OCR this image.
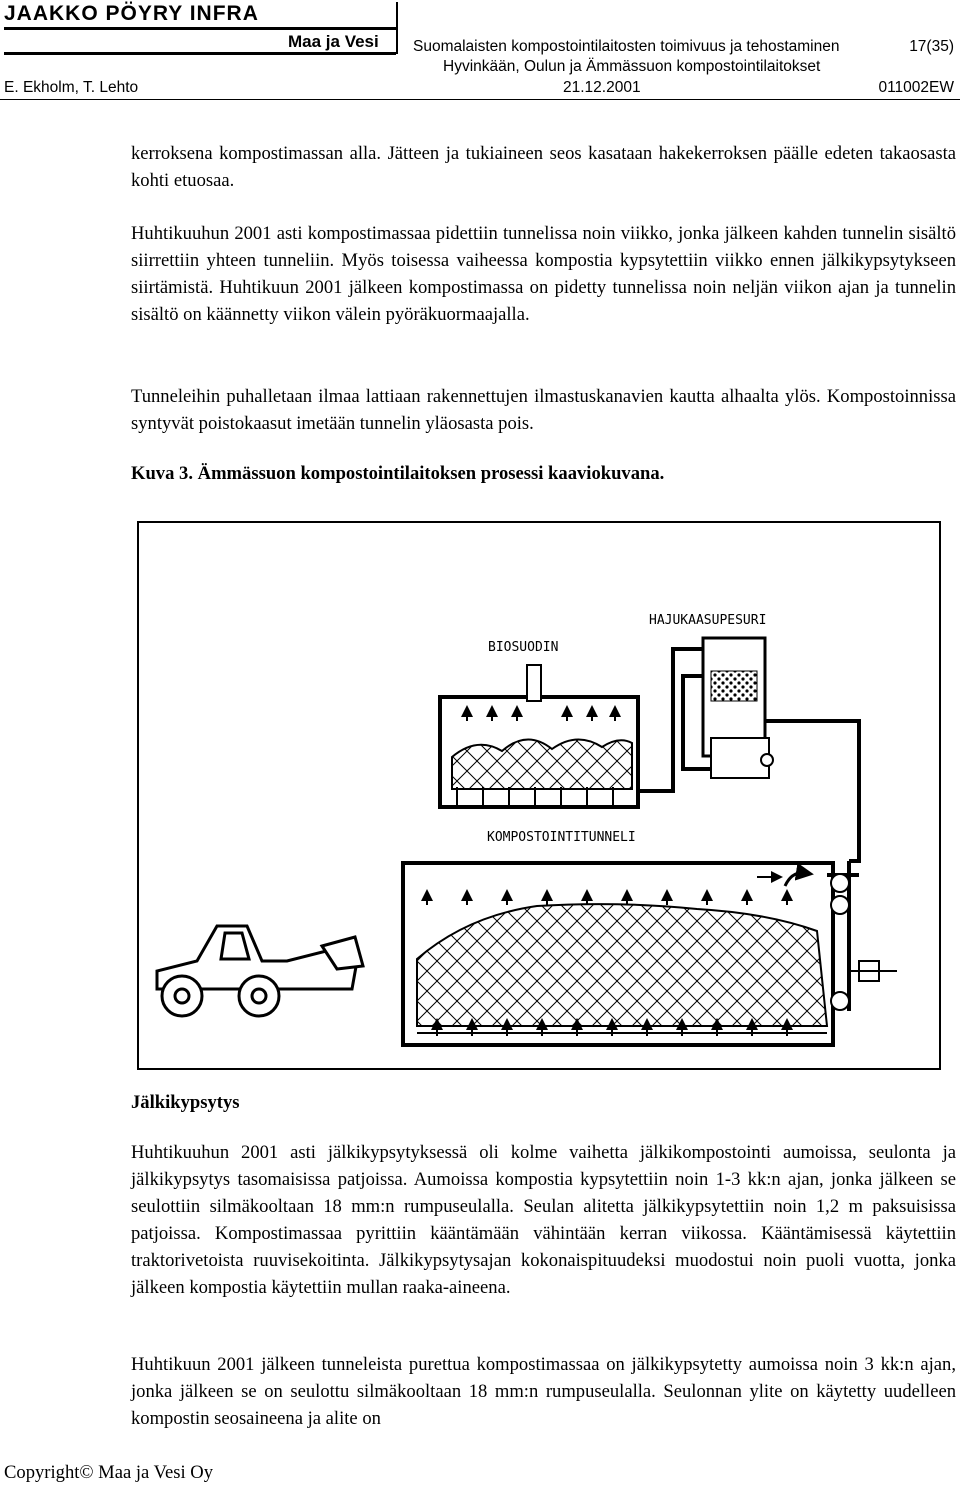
JAAKKO PÖYRY INFRA
Maa ja Vesi Suomalaisten kompostointilaitosten toimivuus ja tehostaminen	17(35)
Hyvinkään, Oulun ja Ämmässuon kompostointilaitokset
E. Ekholm, T. Lehto	21.12.2001	011002EW

kerroksena kompostimassan alla. Jätteen ja tukiaineen seos kasataan hakekerroksen päälle edeten takaosasta kohti etuosaa.

Huhtikuuhun 2001 asti kompostimassaa pidettiin tunnelissa noin viikko, jonka jälkeen kahden tunnelin sisältö siirrettiin yhteen tunneliin. Myös toisessa vaiheessa kompostia kypsytettiin viikko ennen jälkikypsytykseen siirtämistä. Huhtikuun 2001 jälkeen kompostimassa on pidetty tunnelissa noin neljän viikon ajan ja tunnelin sisältö on käännetty viikon välein pyöräkuormaajalla.

Tunneleihin puhalletaan ilmaa lattiaan rakennettujen ilmastuskanavien kautta alhaalta ylös. Kompostoinnissa syntyvät poistokaasut imetään tunnelin yläosasta pois.

Kuva 3. Ämmässuon kompostointilaitoksen prosessi kaaviokuvana.

BIOSUODIN
HAJUKAASUPESURI
KOMPOSTOINTITUNNELI

Jälkikypsytys

Huhtikuuhun 2001 asti jälkikypsytyksessä oli kolme vaihetta jälkikompostointi aumoissa, seulonta ja jälkikypsytys tasomaisissa patjoissa. Aumoissa kompostia kypsytettiin noin 1-3 kk:n ajan, jonka jälkeen se seulottiin silmäkooltaan 18 mm:n rumpuseulalla. Seulan alitetta jälkikypsytettiin noin 1,2 m paksuisissa patjoissa. Kompostimassaa pyrittiin kääntämään vähintään kerran viikossa. Kääntämisessä käytettiin traktorivetoista ruuvisekoitinta. Jälkikypsytysajan kokonaispituudeksi muodostui noin puoli vuotta, jonka jälkeen kompostia käytettiin mullan raaka-aineena.

Huhtikuun 2001 jälkeen tunneleista purettua kompostimassaa on jälkikypsytetty aumoissa noin 3 kk:n ajan, jonka jälkeen se on seulottu silmäkooltaan 18 mm:n rumpuseulalla. Seulonnan ylite on käytetty uudelleen kompostin seosaineena ja alite on

Copyright© Maa ja Vesi Oy
